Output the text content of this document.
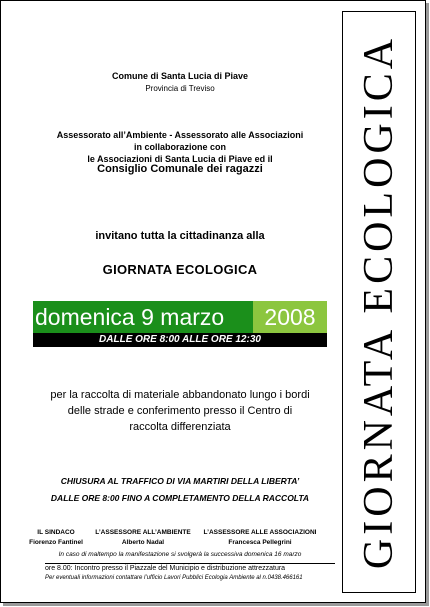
GIORNATA ECOLOGICA
Comune di Santa Lucia di Piave
Provincia di Treviso
Assessorato all’Ambiente - Assessorato alle Associazioni
in collaborazione con
le Associazioni di Santa Lucia di Piave ed il
Consiglio Comunale dei ragazzi
invitano tutta la cittadinanza alla
GIORNATA ECOLOGICA
domenica 9 marzo	2008
DALLE ORE 8:00 ALLE ORE 12:30
per la raccolta di materiale abbandonato lungo i bordi
delle strade e conferimento presso il Centro di
raccolta differenziata
CHIUSURA AL TRAFFICO DI VIA MARTIRI DELLA LIBERTA’
DALLE ORE 8:00 FINO A COMPLETAMENTO DELLA RACCOLTA
IL SINDACO
Fiorenzo Fantinel
L’ASSESSORE ALL’AMBIENTE
Alberto Nadal
L’ASSESSORE ALLE ASSOCIAZIONI
Francesca Pellegrini
In caso di maltempo la manifestazione si svolgerà la successiva domenica 16 marzo
ore 8.00: Incontro presso il Piazzale del Municipio e distribuzione attrezzatura
Per eventuali informazioni contattare l’ufficio Lavori Pubblici Ecologia Ambiente al n.0438.466161
